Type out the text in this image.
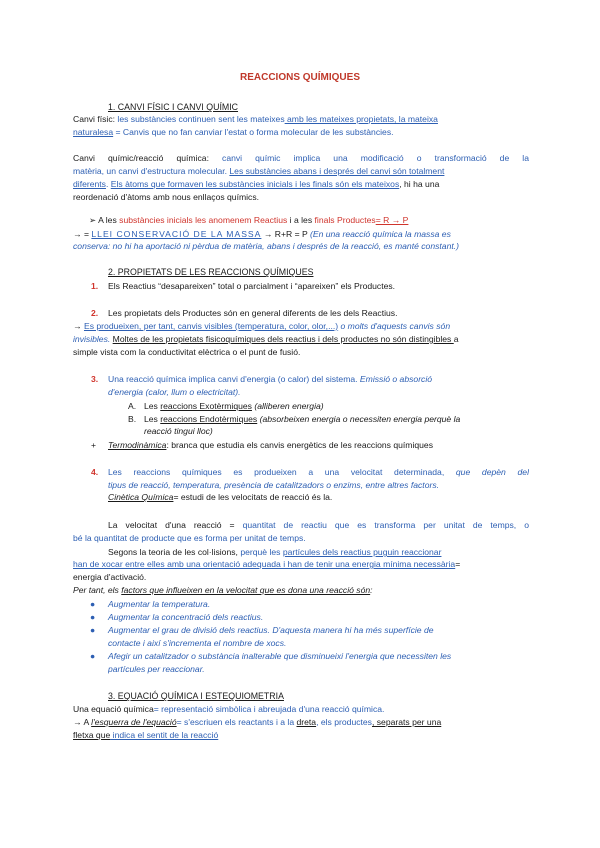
REACCIONS QUÍMIQUES
1. CANVI FÍSIC I CANVI QUÍMIC
Canvi físic: les substàncies continuen sent les mateixes amb les mateixes propietats, la mateixa
naturalesa = Canvis que no fan canviar l'estat o forma molecular de les substàncies.
Canvi químic/reacció química: canvi químic implica una modificació o transformació de la
matèria, un canvi d'estructura molecular. Les substàncies abans i després del canvi són totalment
diferents. Els àtoms que formaven les substàncies inicials i les finals són els mateixos, hi ha una
reordenació d'àtoms amb nous enllaços químics.
➢ A les substàncies inicials les anomenem Reactius i a les finals Productes= R → P
→ = LLEI CONSERVACIÓ DE LA MASSA → R+R = P (En una reacció química la massa es
conserva: no hi ha aportació ni pèrdua de matèria, abans i després de la reacció, es manté constant.)
2. PROPIETATS DE LES REACCIONS QUÍMIQUES
1. Els Reactius “desapareixen” total o parcialment i “apareixen” els Productes.
2. Les propietats dels Productes són en general diferents de les dels Reactius.
→ Es produeixen, per tant, canvis visibles (temperatura, color, olor,...) o molts d'aquests canvis són
invisibles. Moltes de les propietats fisicoquímiques dels reactius i dels productes no són distingibles a
simple vista com la conductivitat elèctrica o el punt de fusió.
3. Una reacció química implica canvi d'energia (o calor) del sistema. Emissió o absorció
d'energia (calor, llum o electricitat).
A. Les reaccions Exotèrmiques (alliberen energia)
B. Les reaccions Endotèrmiques (absorbeixen energia o necessiten energia perquè la
reacció tingui lloc)
+ Termodinàmica: branca que estudia els canvis energètics de les reaccions químiques
4. Les reaccions químiques es produeixen a una velocitat determinada, que depèn del
tipus de reacció, temperatura, presència de catalitzadors o enzims, entre altres factors.
Cinètica Química= estudi de les velocitats de reacció és la.
La velocitat d'una reacció = quantitat de reactiu que es transforma per unitat de temps, o
bé la quantitat de producte que es forma per unitat de temps.
Segons la teoria de les col·lisions, perquè les partícules dels reactius puguin reaccionar
han de xocar entre elles amb una orientació adequada i han de tenir una energia mínima necessària=
energia d'activació.
Per tant, els factors que influeixen en la velocitat que es dona una reacció són:
● Augmentar la temperatura.
● Augmentar la concentració dels reactius.
● Augmentar el grau de divisió dels reactius. D'aquesta manera hi ha més superfície de
contacte i així s'incrementa el nombre de xocs.
● Afegir un catalitzador o substància inalterable que disminueixi l'energia que necessiten les
partícules per reaccionar.
3. EQUACIÓ QUÍMICA I ESTEQUIOMETRIA
Una equació química= representació simbòlica i abreujada d'una reacció química.
→ A l'esquerra de l'equació= s'escriuen els reactants i a la dreta, els productes, separats per una
fletxa que indica el sentit de la reacció
